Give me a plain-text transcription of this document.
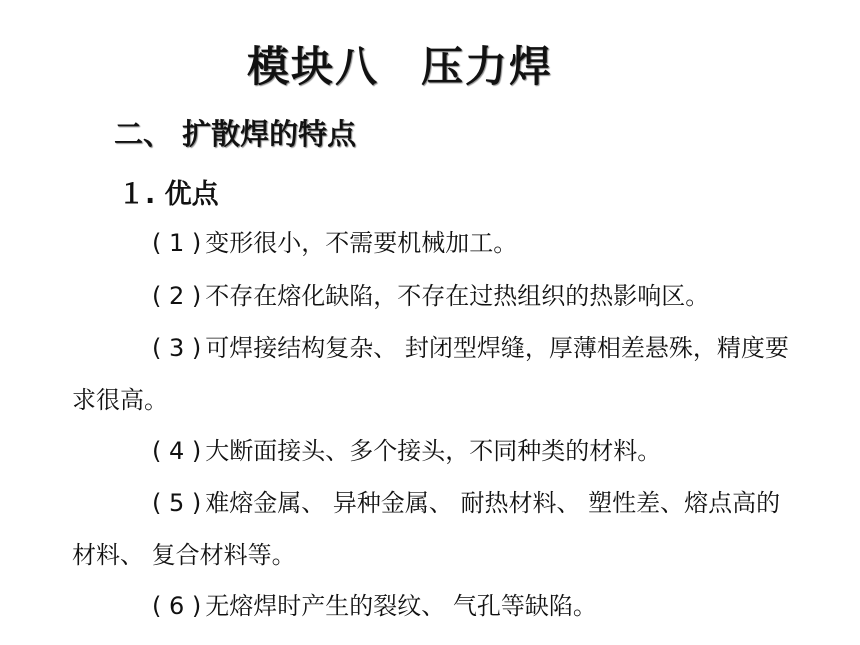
模块八 压力焊
二、 扩散焊的特点
１. 优点
( 1 ) 变形很小，不需要机械加工。
( 2 ) 不存在熔化缺陷，不存在过热组织的热影响区。
( 3 ) 可焊接结构复杂、 封闭型焊缝，厚薄相差悬殊，精度要求很高。
( 4 ) 大断面接头、多个接头，不同种类的材料。
( 5 ) 难熔金属、 异种金属、 耐热材料、 塑性差、熔点高的材料、 复合材料等。
( 6 ) 无熔焊时产生的裂纹、 气孔等缺陷。
